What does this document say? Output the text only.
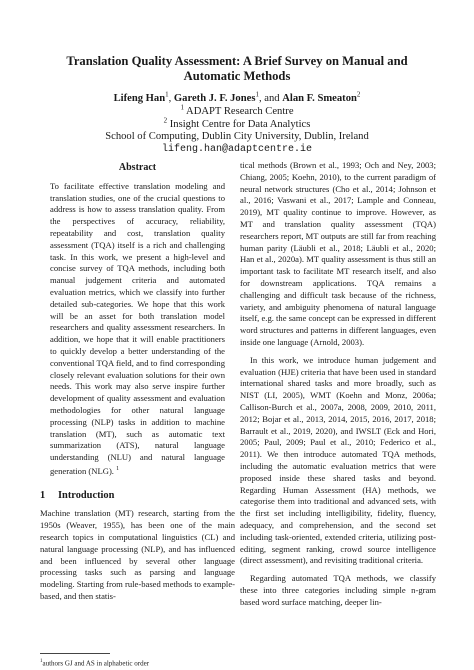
Translation Quality Assessment: A Brief Survey on Manual and
Automatic Methods
Lifeng Han$^1$, Gareth J. F. Jones$^1$, and Alan F. Smeaton$^2$
$^1$ ADAPT Research Centre
$^2$ Insight Centre for Data Analytics
School of Computing, Dublin City University, Dublin, Ireland
lifeng.han@adaptcentre.ie
Abstract

To facilitate effective translation modeling and translation studies, one of the crucial questions to address is how to assess translation quality. From the perspectives of accuracy, reliability, repeatability and cost, translation quality assessment (TQA) itself is a rich and challenging task. In this work, we present a high-level and concise survey of TQA methods, including both manual judgement criteria and automated evaluation metrics, which we classify into further detailed sub-categories. We hope that this work will be an asset for both translation model researchers and quality assessment researchers. In addition, we hope that it will enable practitioners to quickly develop a better understanding of the conventional TQA field, and to find corresponding closely relevant evaluation solutions for their own needs. This work may also serve inspire further development of quality assessment and evaluation methodologies for other natural language processing (NLP) tasks in addition to machine translation (MT), such as automatic text summarization (ATS), natural language understanding (NLU) and natural language generation (NLG). $^1$

1 Introduction

Machine translation (MT) research, starting from the 1950s (Weaver, 1955), has been one of the main research topics in computational linguistics (CL) and natural language processing (NLP), and has influenced and been influenced by several other language processing tasks such as parsing and language modeling. Starting from rule-based methods to example-based, and then statis-

tical methods (Brown et al., 1993; Och and Ney, 2003; Chiang, 2005; Koehn, 2010), to the current paradigm of neural network structures (Cho et al., 2014; Johnson et al., 2016; Vaswani et al., 2017; Lample and Conneau, 2019), MT quality continue to improve. However, as MT and translation quality assessment (TQA) researchers report, MT outputs are still far from reaching human parity (Läubli et al., 2018; Läubli et al., 2020; Han et al., 2020a). MT quality assessment is thus still an important task to facilitate MT research itself, and also for downstream applications. TQA remains a challenging and difficult task because of the richness, variety, and ambiguity phenomena of natural language itself, e.g. the same concept can be expressed in different word structures and patterns in different languages, even inside one language (Arnold, 2003).

In this work, we introduce human judgement and evaluation (HJE) criteria that have been used in standard international shared tasks and more broadly, such as NIST (LI, 2005), WMT (Koehn and Monz, 2006a; Callison-Burch et al., 2007a, 2008, 2009, 2010, 2011, 2012; Bojar et al., 2013, 2014, 2015, 2016, 2017, 2018; Barrault et al., 2019, 2020), and IWSLT (Eck and Hori, 2005; Paul, 2009; Paul et al., 2010; Federico et al., 2011). We then introduce automated TQA methods, including the automatic evaluation metrics that were proposed inside these shared tasks and beyond. Regarding Human Assessment (HA) methods, we categorise them into traditional and advanced sets, with the first set including intelligibility, fidelity, fluency, adequacy, and comprehension, and the second set including task-oriented, extended criteria, utilizing post-editing, segment ranking, crowd source intelligence (direct assessment), and revisiting traditional criteria.

Regarding automated TQA methods, we classify these into three categories including simple n-gram based word surface matching, deeper lin-

$^1$authors GJ and AS in alphabetic order
